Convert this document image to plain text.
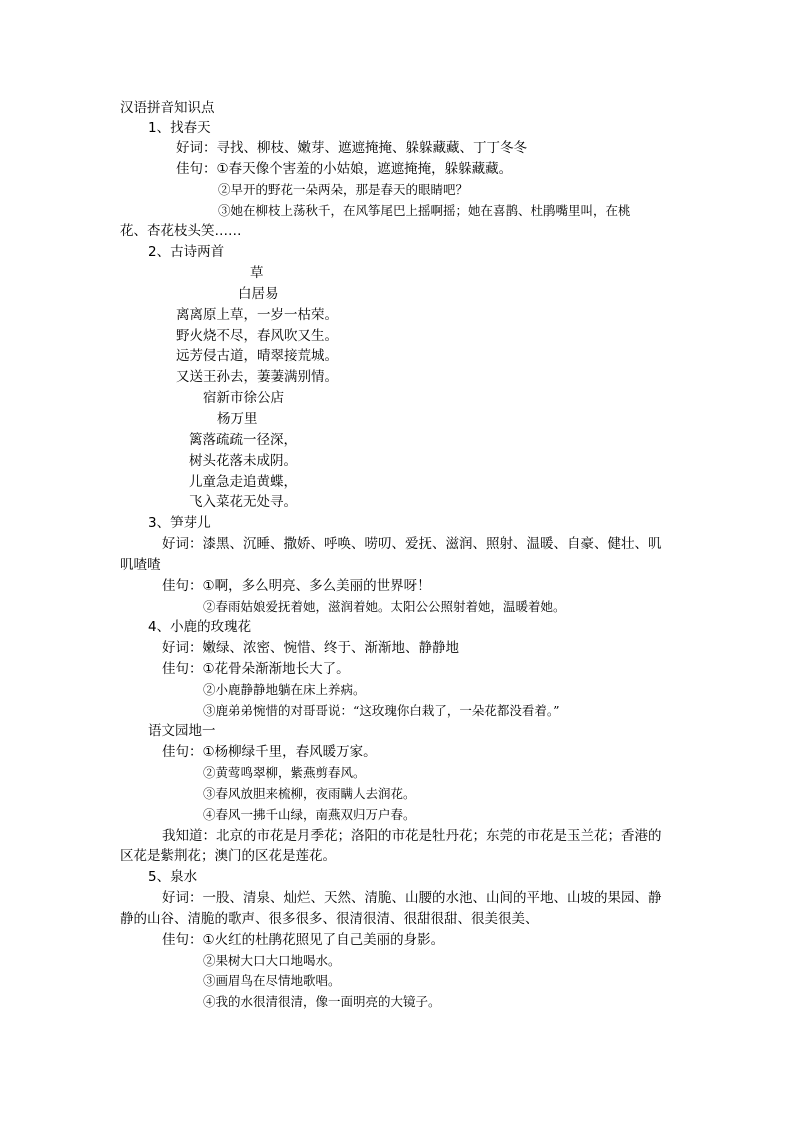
汉语拼音知识点
1、找春天
好词：寻找、柳枝、嫩芽、遮遮掩掩、躲躲藏藏、丁丁冬冬
佳句：①春天像个害羞的小姑娘，遮遮掩掩，躲躲藏藏。
②早开的野花一朵两朵，那是春天的眼睛吧？
③她在柳枝上荡秋千，在风筝尾巴上摇啊摇；她在喜鹊、杜鹃嘴里叫，在桃
花、杏花枝头笑……
2、古诗两首
草
白居易
离离原上草，一岁一枯荣。
野火烧不尽，春风吹又生。
远芳侵古道，晴翠接荒城。
又送王孙去，萋萋满别情。
宿新市徐公店
杨万里
篱落疏疏一径深，
树头花落未成阴。
儿童急走追黄蝶，
飞入菜花无处寻。
3、笋芽儿
好词：漆黑、沉睡、撒娇、呼唤、唠叨、爱抚、滋润、照射、温暖、自豪、健壮、叽
叽喳喳
佳句：①啊，多么明亮、多么美丽的世界呀！
②春雨姑娘爱抚着她，滋润着她。太阳公公照射着她，温暖着她。
4、小鹿的玫瑰花
好词：嫩绿、浓密、惋惜、终于、渐渐地、静静地
佳句：①花骨朵渐渐地长大了。
②小鹿静静地躺在床上养病。
③鹿弟弟惋惜的对哥哥说：“这玫瑰你白栽了，一朵花都没看着。”
语文园地一
佳句：①杨柳绿千里，春风暖万家。
②黄莺鸣翠柳，紫燕剪春风。
③春风放胆来梳柳，夜雨瞒人去润花。
④春风一拂千山绿，南燕双归万户春。
我知道：北京的市花是月季花；洛阳的市花是牡丹花；东莞的市花是玉兰花；香港的
区花是紫荆花；澳门的区花是莲花。
5、泉水
好词：一股、清泉、灿烂、天然、清脆、山腰的水池、山间的平地、山坡的果园、静
静的山谷、清脆的歌声、很多很多、很清很清、很甜很甜、很美很美、
佳句：①火红的杜鹃花照见了自己美丽的身影。
②果树大口大口地喝水。
③画眉鸟在尽情地歌唱。
④我的水很清很清，像一面明亮的大镜子。
